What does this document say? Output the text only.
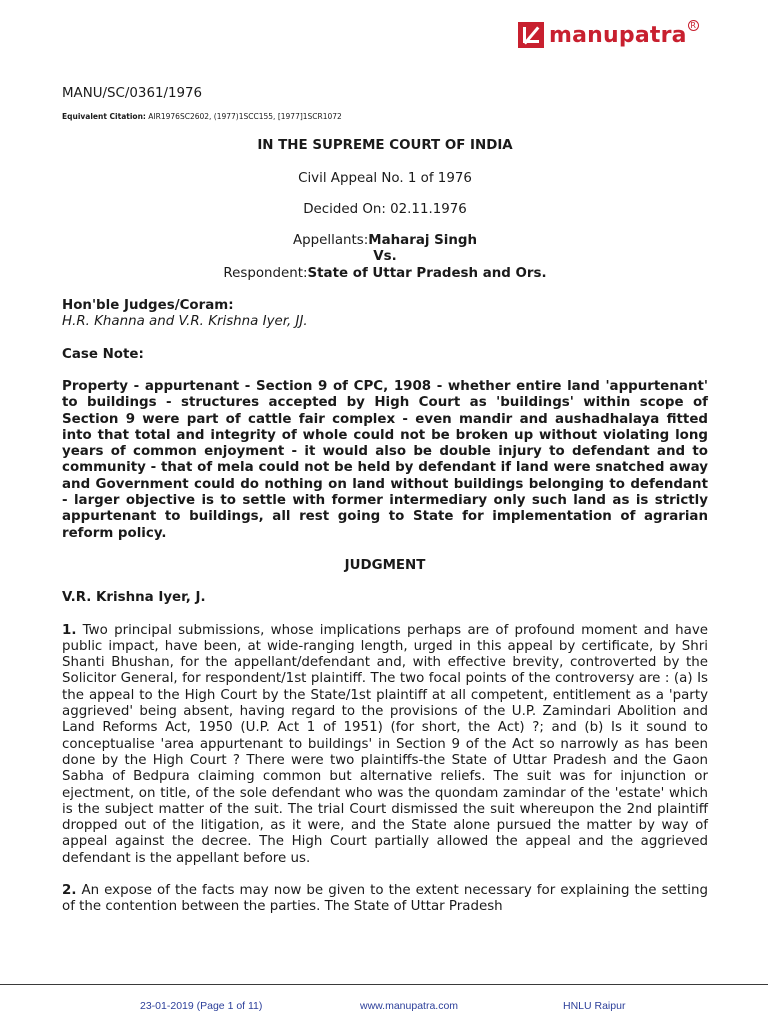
manupatra R

MANU/SC/0361/1976

Equivalent Citation: AIR1976SC2602, (1977)1SCC155, [1977]1SCR1072

IN THE SUPREME COURT OF INDIA

Civil Appeal No. 1 of 1976

Decided On: 02.11.1976

Appellants:Maharaj Singh
Vs.
Respondent:State of Uttar Pradesh and Ors.

Hon'ble Judges/Coram:

H.R. Khanna and V.R. Krishna Iyer, JJ.

Case Note:

Property - appurtenant - Section 9 of CPC, 1908 - whether entire land 'appurtenant' to buildings - structures accepted by High Court as 'buildings' within scope of Section 9 were part of cattle fair complex - even mandir and aushadhalaya fitted into that total and integrity of whole could not be broken up without violating long years of common enjoyment - it would also be double injury to defendant and to community - that of mela could not be held by defendant if land were snatched away and Government could do nothing on land without buildings belonging to defendant - larger objective is to settle with former intermediary only such land as is strictly appurtenant to buildings, all rest going to State for implementation of agrarian reform policy.

JUDGMENT

V.R. Krishna Iyer, J.

1. Two principal submissions, whose implications perhaps are of profound moment and have public impact, have been, at wide-ranging length, urged in this appeal by certificate, by Shri Shanti Bhushan, for the appellant/defendant and, with effective brevity, controverted by the Solicitor General, for respondent/1st plaintiff. The two focal points of the controversy are : (a) Is the appeal to the High Court by the State/1st plaintiff at all competent, entitlement as a 'party aggrieved' being absent, having regard to the provisions of the U.P. Zamindari Abolition and Land Reforms Act, 1950 (U.P. Act 1 of 1951) (for short, the Act) ?; and (b) Is it sound to conceptualise 'area appurtenant to buildings' in Section 9 of the Act so narrowly as has been done by the High Court ? There were two plaintiffs-the State of Uttar Pradesh and the Gaon Sabha of Bedpura claiming common but alternative reliefs. The suit was for injunction or ejectment, on title, of the sole defendant who was the quondam zamindar of the 'estate' which is the subject matter of the suit. The trial Court dismissed the suit whereupon the 2nd plaintiff dropped out of the litigation, as it were, and the State alone pursued the matter by way of appeal against the decree. The High Court partially allowed the appeal and the aggrieved defendant is the appellant before us.

2. An expose of the facts may now be given to the extent necessary for explaining the setting of the contention between the parties. The State of Uttar Pradesh

23-01-2019 (Page 1 of 11)	www.manupatra.com	HNLU Raipur
